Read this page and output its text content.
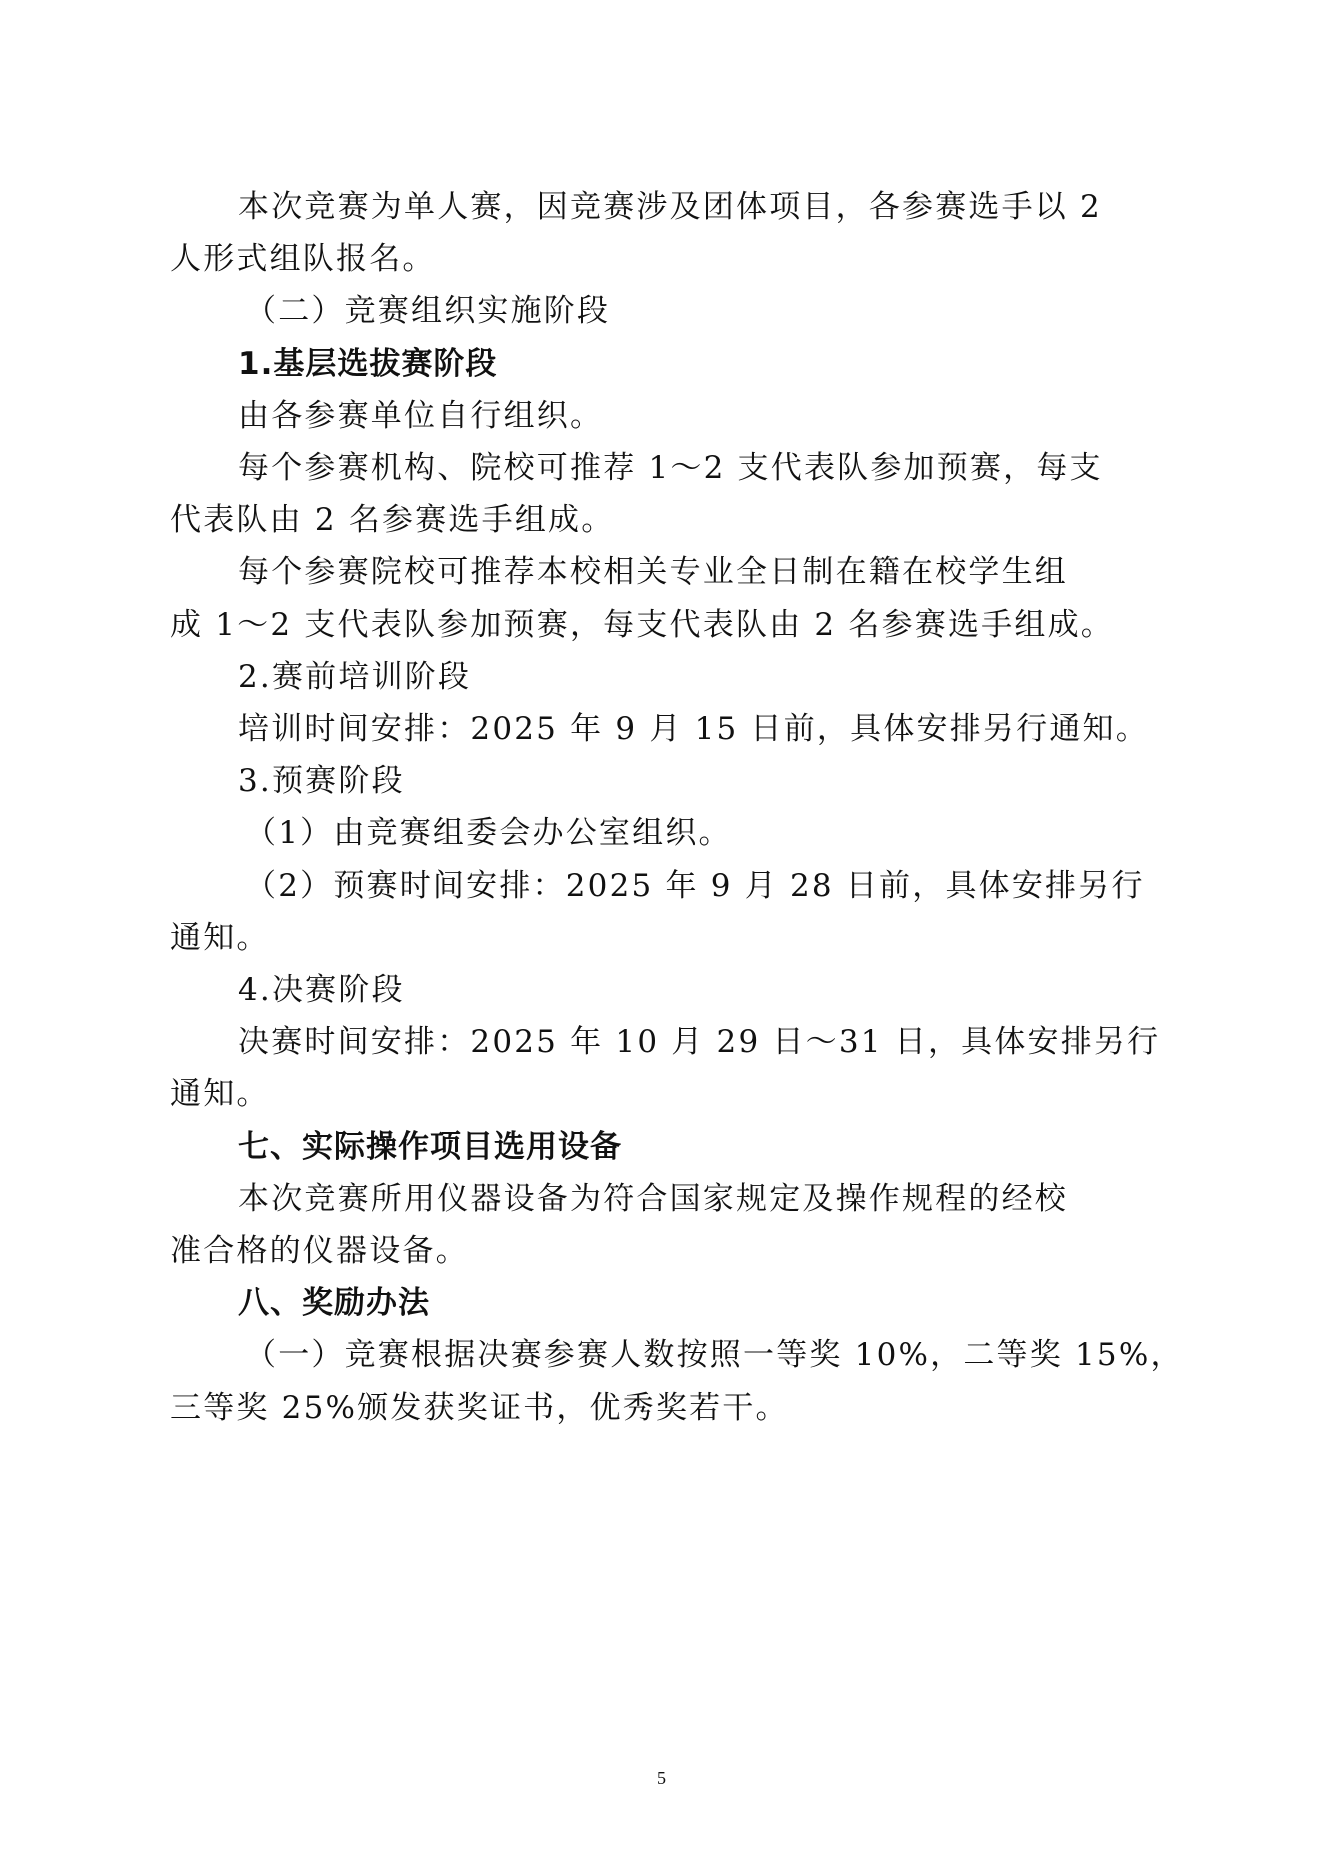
本次竞赛为单人赛，因竞赛涉及团体项目，各参赛选手以 2
人形式组队报名。
（二）竞赛组织实施阶段
1.基层选拔赛阶段
由各参赛单位自行组织。
每个参赛机构、院校可推荐 1～2 支代表队参加预赛，每支
代表队由 2 名参赛选手组成。
每个参赛院校可推荐本校相关专业全日制在籍在校学生组
成 1～2 支代表队参加预赛，每支代表队由 2 名参赛选手组成。
2.赛前培训阶段
培训时间安排：2025 年 9 月 15 日前，具体安排另行通知。
3.预赛阶段
（1）由竞赛组委会办公室组织。
（2）预赛时间安排：2025 年 9 月 28 日前，具体安排另行
通知。
4.决赛阶段
决赛时间安排：2025 年 10 月 29 日～31 日，具体安排另行
通知。
七、实际操作项目选用设备
本次竞赛所用仪器设备为符合国家规定及操作规程的经校
准合格的仪器设备。
八、奖励办法
（一）竞赛根据决赛参赛人数按照一等奖 10%，二等奖 15%，
三等奖 25%颁发获奖证书，优秀奖若干。
5
